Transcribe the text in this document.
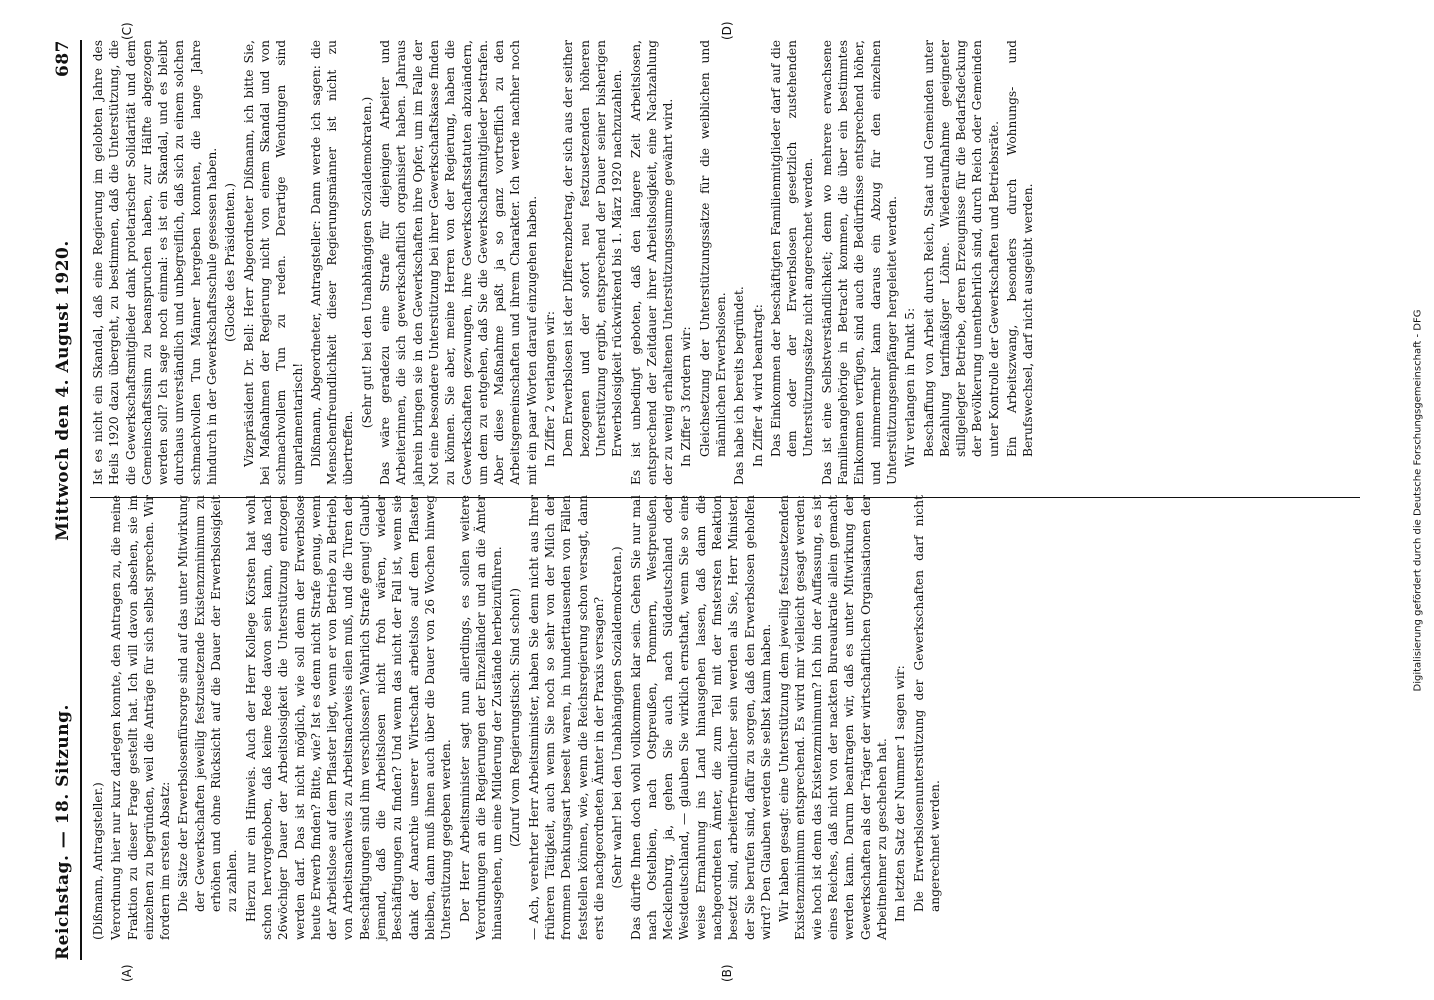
Reichstag. — 18. Sitzung.
Mittwoch den 4. August 1920.
687
(A)	(B)
(C)	(D)

(Dißmann, Antragsteller.) Verordnung hier nur kurz darlegen konnte, den Antragen zu, die meine Fraktion zu dieser Frage gestellt hat. Ich will davon absehen, sie im einzelnen zu begründen, weil die Anträge für sich selbst sprechen. Wir fordern im ersten Absatz: Die Sätze der Erwerbslosenfürsorge sind auf das unter Mitwirkung der Gewerkschaften jeweilig festzusetzende Existenzminimum zu erhöhen und ohne Rücksicht auf die Dauer der Erwerbslosigkeit zu zahlen. Hierzu nur ein Hinweis. Auch der Herr Kollege Körsten hat wohl schon hervorgehoben, daß keine Rede davon sein kann, daß nach 26wöchiger Dauer der Arbeitslosigkeit die Unterstützung entzogen werden darf. Das ist nicht möglich, wie soll denn der Erwerbslose heute Erwerb finden? Bitte, wie? Ist es denn nicht Strafe genug, wenn der Arbeitslose auf dem Pflaster liegt, wenn er von Betrieb zu Betrieb, von Arbeitsnachweis zu Arbeitsnachweis eilen muß, und die Türen der Beschäftigungen sind ihm verschlossen? Wahrlich Strafe genug! Glaubt jemand, daß die Arbeitslosen nicht froh wären, wieder Beschäftigungen zu finden? Und wenn das nicht der Fall ist, wenn sie dank der Anarchie unserer Wirtschaft arbeitslos auf dem Pflaster bleiben, dann muß ihnen auch über die Dauer von 26 Wochen hinweg Unterstützung gegeben werden. Der Herr Arbeitsminister sagt nun allerdings, es sollen weitere Verordnungen an die Regierungen der Einzelländer und an die Ämter hinausgehen, um eine Milderung der Zustände herbeizuführen. (Zuruf vom Regierungstisch: Sind schon!) — Ach, verehrter Herr Arbeitsminister, haben Sie denn nicht aus Ihrer früheren Tätigkeit, auch wenn Sie noch so sehr von der Milch der frommen Denkungsart beseelt waren, in hunderttausenden von Fällen feststellen können, wie, wenn die Reichsregierung schon versagt, dann erst die nachgeordneten Ämter in der Praxis versagen? (Sehr wahr! bei den Unabhängigen Sozialdemokraten.) Das dürfte Ihnen doch wohl vollkommen klar sein. Gehen Sie nur mal nach Ostelbien, nach Ostpreußen, Pommern, Westpreußen, Mecklenburg, ja, gehen Sie auch nach Süddeutschland oder Westdeutschland, — glauben Sie wirklich ernsthaft, wenn Sie so eine weise Ermahnung ins Land hinausgehen lassen, daß dann die nachgeordneten Ämter, die zum Teil mit der finstersten Reaktion besetzt sind, arbeiterfreundlicher sein werden als Sie, Herr Minister, der Sie berufen sind, dafür zu sorgen, daß den Erwerbslosen geholfen wird? Den Glauben werden Sie selbst kaum haben. Wir haben gesagt: eine Unterstützung dem jeweilig festzusetzenden Existenzminimum entsprechend. Es wird mir vielleicht gesagt werden: wie hoch ist denn das Existenzminimum? Ich bin der Auffassung, es ist eines Reiches, daß nicht von der nackten Bureaukratie allein gemacht werden kann. Darum beantragen wir, daß es unter Mitwirkung der Gewerkschaften als der Träger der wirtschaftlichen Organisationen der Arbeitnehmer zu geschehen hat. Im letzten Satz der Nummer 1 sagen wir: Die Erwerbslosenunterstützung der Gewerkschaften darf nicht angerechnet werden.

Ist es nicht ein Skandal, daß eine Regierung im gelobten Jahre des Heils 1920 dazu übergeht, zu bestimmen, daß die Unterstützung, die die Gewerkschaftsmitglieder dank proletarischer Solidarität und dem Gemeinschaftssinn zu beanspruchen haben, zur Hälfte abgezogen werden soll? Ich sage noch einmal: es ist ein Skandal, und es bleibt durchaus unverständlich und unbegreiflich, daß sich zu einem solchen schmachvollen Tun Männer hergeben konnten, die lange Jahre hindurch in der Gewerkschaftsschule gesessen haben. (Glocke des Präsidenten.) Vizepräsident Dr. Bell: Herr Abgeordneter Dißmann, ich bitte Sie, bei Maßnahmen der Regierung nicht von einem Skandal und von schmachvollem Tun zu reden. Derartige Wendungen sind unparlamentarisch! Dißmann, Abgeordneter, Antragsteller: Dann werde ich sagen: die Menschenfreundlichkeit dieser Regierungsmänner ist nicht zu übertreffen.

(Sehr gut! bei den Unabhängigen Sozialdemokraten.) Das wäre geradezu eine Strafe für diejenigen Arbeiter und Arbeiterinnen, die sich gewerkschaftlich organisiert haben. Jahraus jahrein bringen sie in den Gewerkschaften ihre Opfer, um im Falle der Not eine besondere Unterstützung bei ihrer Gewerkschaftskasse finden zu können. Sie aber, meine Herren von der Regierung, haben die Gewerkschaften gezwungen, ihre Gewerkschaftsstatuten abzuändern, um dem zu entgehen, daß Sie die Gewerkschaftsmitglieder bestrafen. Aber diese Maßnahme paßt ja so ganz vortrefflich zu den Arbeitsgemeinschaften und ihrem Charakter. Ich werde nachher noch mit ein paar Worten darauf einzugehen haben. In Ziffer 2 verlangen wir: Dem Erwerbslosen ist der Differenzbetrag, der sich aus der seither bezogenen und der sofort neu festzusetzenden höheren Unterstützung ergibt, entsprechend der Dauer seiner bisherigen Erwerbslosigkeit rückwirkend bis 1. März 1920 nachzuzahlen. Es ist unbedingt geboten, daß den längere Zeit Arbeitslosen, entsprechend der Zeitdauer ihrer Arbeitslosigkeit, eine Nachzahlung der zu wenig erhaltenen Unterstützungssumme gewährt wird. In Ziffer 3 fordern wir: Gleichsetzung der Unterstützungssätze für die weiblichen und männlichen Erwerbslosen. Das habe ich bereits begründet. In Ziffer 4 wird beantragt: Das Einkommen der beschäftigten Familienmitglieder darf auf die dem oder der Erwerbslosen gesetzlich zustehenden Unterstützungssätze nicht angerechnet werden. Das ist eine Selbstverständlichkeit; denn wo mehrere erwachsene Familienangehörige in Betracht kommen, die über ein bestimmtes Einkommen verfügen, sind auch die Bedürfnisse entsprechend höher, und nimmermehr kann daraus ein Abzug für den einzelnen Unterstützungsempfänger hergeleitet werden. Wir verlangen in Punkt 5: Beschaffung von Arbeit durch Reich, Staat und Gemeinden unter Bezahlung tarifmäßiger Löhne. Wiederaufnahme geeigneter stillgelegter Betriebe, deren Erzeugnisse für die Bedarfsdeckung der Bevölkerung unentbehrlich sind, durch Reich oder Gemeinden unter Kontrolle der Gewerkschaften und Betriebsräte. Ein Arbeitszwang, besonders durch Wohnungs- und Berufswechsel, darf nicht ausgeübt werden.	Digitalisierung gefördert durch die Deutsche Forschungsgemeinschaft - DFG
